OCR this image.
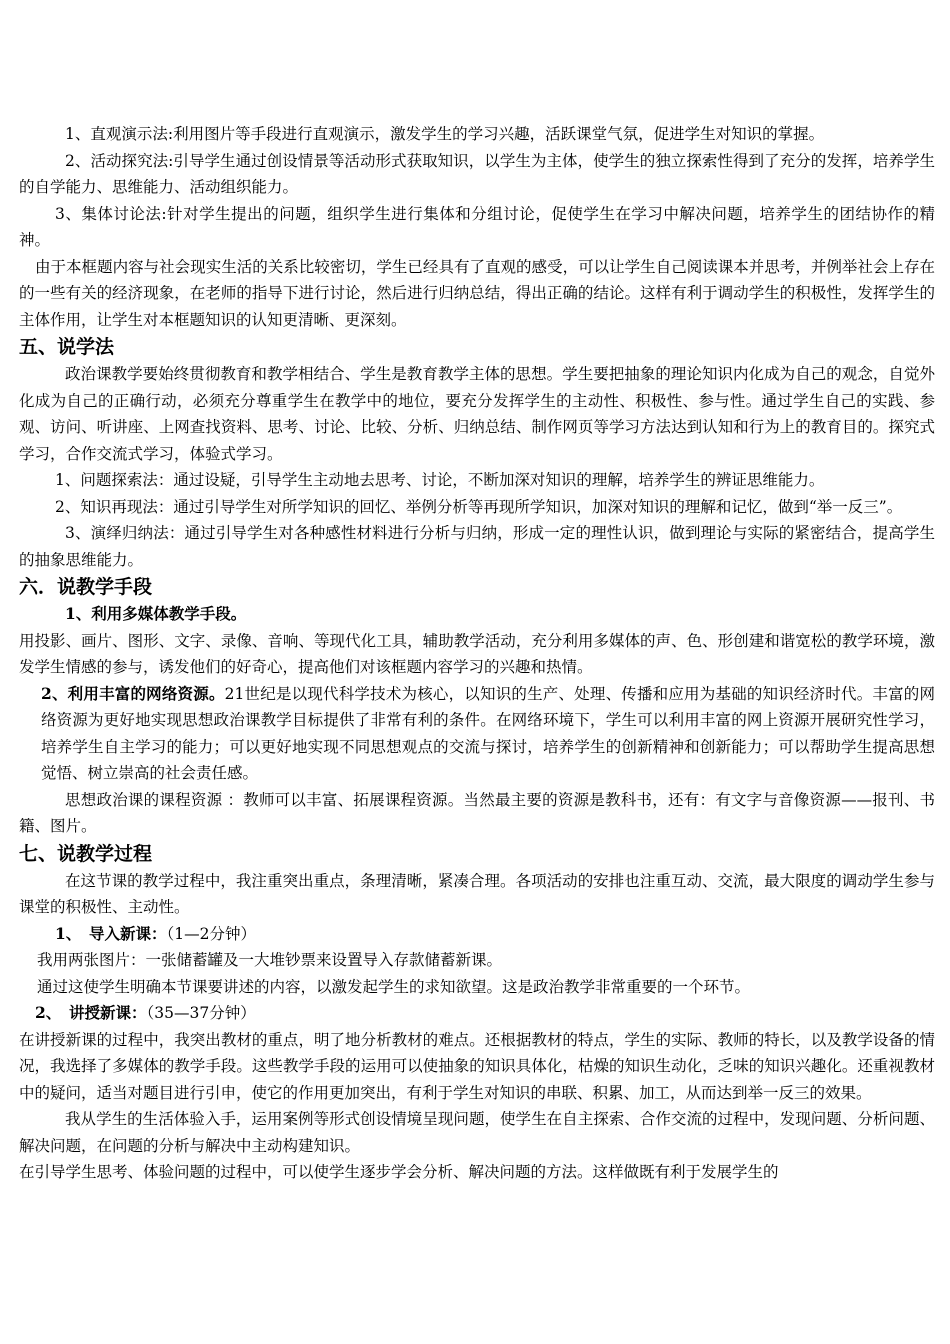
1、直观演示法:利用图片等手段进行直观演示，激发学生的学习兴趣，活跃课堂气氛，促进学生对知识的掌握。

2、活动探究法:引导学生通过创设情景等活动形式获取知识，以学生为主体，使学生的独立探索性得到了充分的发挥，培养学生的自学能力、思维能力、活动组织能力。

3、集体讨论法:针对学生提出的问题，组织学生进行集体和分组讨论，促使学生在学习中解决问题，培养学生的团结协作的精神。

由于本框题内容与社会现实生活的关系比较密切，学生已经具有了直观的感受，可以让学生自己阅读课本并思考，并例举社会上存在的一些有关的经济现象，在老师的指导下进行讨论，然后进行归纳总结，得出正确的结论。这样有利于调动学生的积极性，发挥学生的主体作用，让学生对本框题知识的认知更清晰、更深刻。

五、说学法

政治课教学要始终贯彻教育和教学相结合、学生是教育教学主体的思想。学生要把抽象的理论知识内化成为自己的观念，自觉外化成为自己的正确行动，必须充分尊重学生在教学中的地位，要充分发挥学生的主动性、积极性、参与性。通过学生自己的实践、参观、访问、听讲座、上网查找资料、思考、讨论、比较、分析、归纳总结、制作网页等学习方法达到认知和行为上的教育目的。探究式学习，合作交流式学习，体验式学习。

1、问题探索法：通过设疑，引导学生主动地去思考、讨论，不断加深对知识的理解，培养学生的辨证思维能力。

2、知识再现法：通过引导学生对所学知识的回忆、举例分析等再现所学知识，加深对知识的理解和记忆，做到“举一反三”。

3、演绎归纳法：通过引导学生对各种感性材料进行分析与归纳，形成一定的理性认识，做到理论与实际的紧密结合，提高学生的抽象思维能力。

六．说教学手段

1、利用多媒体教学手段。

用投影、画片、图形、文字、录像、音响、等现代化工具，辅助教学活动，充分利用多媒体的声、色、形创建和谐宽松的教学环境，激发学生情感的参与，诱发他们的好奇心，提高他们对该框题内容学习的兴趣和热情。

2、利用丰富的网络资源。21世纪是以现代科学技术为核心，以知识的生产、处理、传播和应用为基础的知识经济时代。丰富的网络资源为更好地实现思想政治课教学目标提供了非常有利的条件。在网络环境下，学生可以利用丰富的网上资源开展研究性学习，培养学生自主学习的能力；可以更好地实现不同思想观点的交流与探讨，培养学生的创新精神和创新能力；可以帮助学生提高思想觉悟、树立崇高的社会责任感。

思想政治课的课程资源 ：教师可以丰富、拓展课程资源。当然最主要的资源是教科书，还有：有文字与音像资源——报刊、书籍、图片。

七、说教学过程

在这节课的教学过程中，我注重突出重点，条理清晰，紧凑合理。各项活动的安排也注重互动、交流，最大限度的调动学生参与课堂的积极性、主动性。

1、　导入新课：（1—2分钟）

我用两张图片：一张储蓄罐及一大堆钞票来设置导入存款储蓄新课。

通过这使学生明确本节课要讲述的内容，以激发起学生的求知欲望。这是政治教学非常重要的一个环节。

2、　讲授新课：（35—37分钟）

在讲授新课的过程中，我突出教材的重点，明了地分析教材的难点。还根据教材的特点，学生的实际、教师的特长，以及教学设备的情况，我选择了多媒体的教学手段。这些教学手段的运用可以使抽象的知识具体化，枯燥的知识生动化，乏味的知识兴趣化。还重视教材中的疑问，适当对题目进行引申，使它的作用更加突出，有利于学生对知识的串联、积累、加工，从而达到举一反三的效果。

我从学生的生活体验入手，运用案例等形式创设情境呈现问题，使学生在自主探索、合作交流的过程中，发现问题、分析问题、解决问题，在问题的分析与解决中主动构建知识。

在引导学生思考、体验问题的过程中，可以使学生逐步学会分析、解决问题的方法。这样做既有利于发展学生的
